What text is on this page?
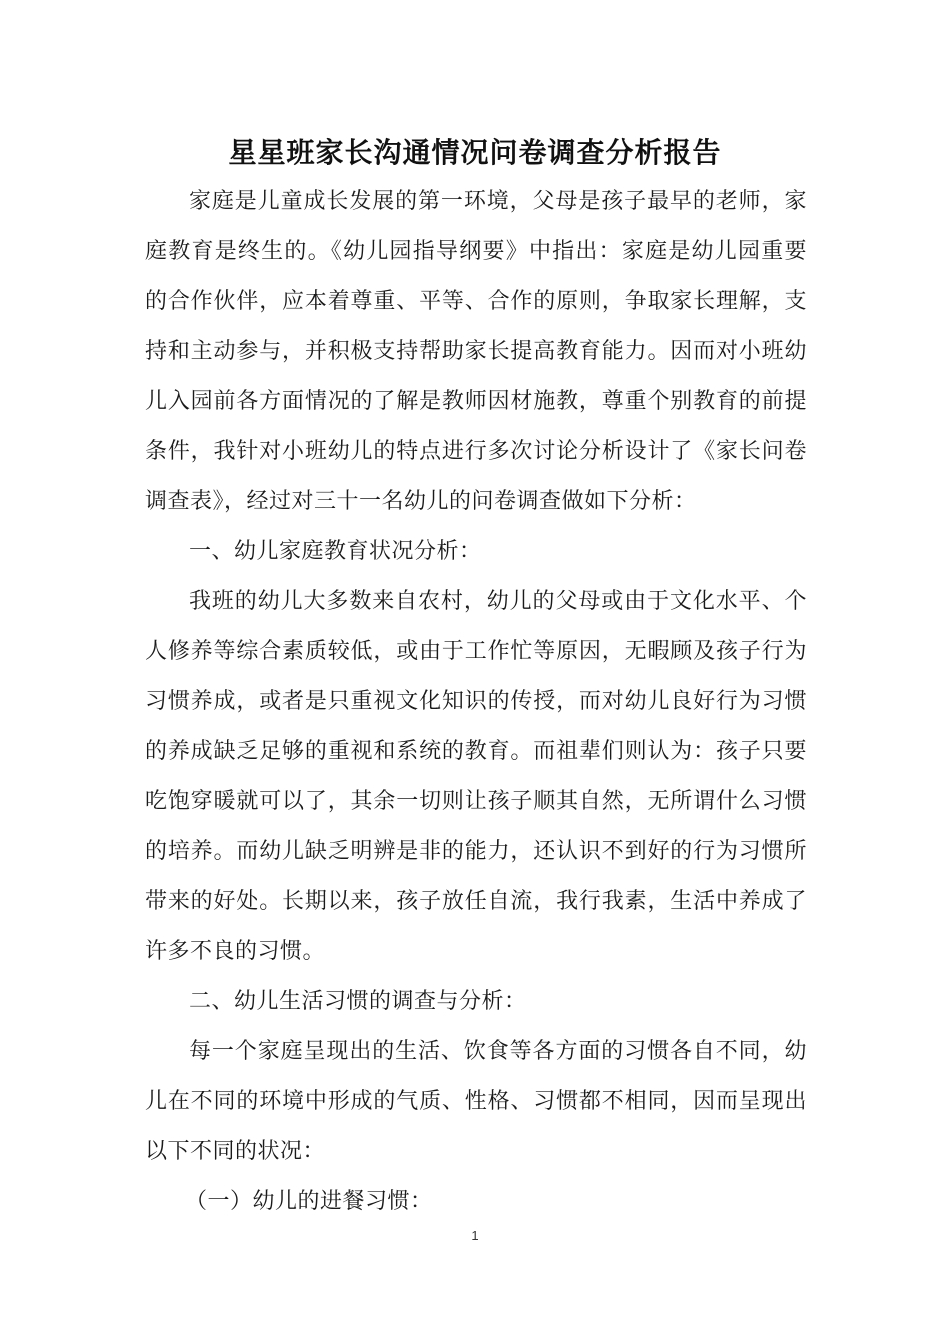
星星班家长沟通情况问卷调查分析报告

家庭是儿童成长发展的第一环境，父母是孩子最早的老师，家庭教育是终生的。《幼儿园指导纲要》中指出：家庭是幼儿园重要的合作伙伴，应本着尊重、平等、合作的原则，争取家长理解，支持和主动参与，并积极支持帮助家长提高教育能力。因而对小班幼儿入园前各方面情况的了解是教师因材施教，尊重个别教育的前提条件，我针对小班幼儿的特点进行多次讨论分析设计了《家长问卷调查表》，经过对三十一名幼儿的问卷调查做如下分析：

一、幼儿家庭教育状况分析：

我班的幼儿大多数来自农村，幼儿的父母或由于文化水平、个人修养等综合素质较低，或由于工作忙等原因，无暇顾及孩子行为习惯养成，或者是只重视文化知识的传授，而对幼儿良好行为习惯的养成缺乏足够的重视和系统的教育。而祖辈们则认为：孩子只要吃饱穿暖就可以了，其余一切则让孩子顺其自然，无所谓什么习惯的培养。而幼儿缺乏明辨是非的能力，还认识不到好的行为习惯所带来的好处。长期以来，孩子放任自流，我行我素，生活中养成了许多不良的习惯。

二、幼儿生活习惯的调查与分析：

每一个家庭呈现出的生活、饮食等各方面的习惯各自不同，幼儿在不同的环境中形成的气质、性格、习惯都不相同，因而呈现出以下不同的状况：

（一）幼儿的进餐习惯：

1
